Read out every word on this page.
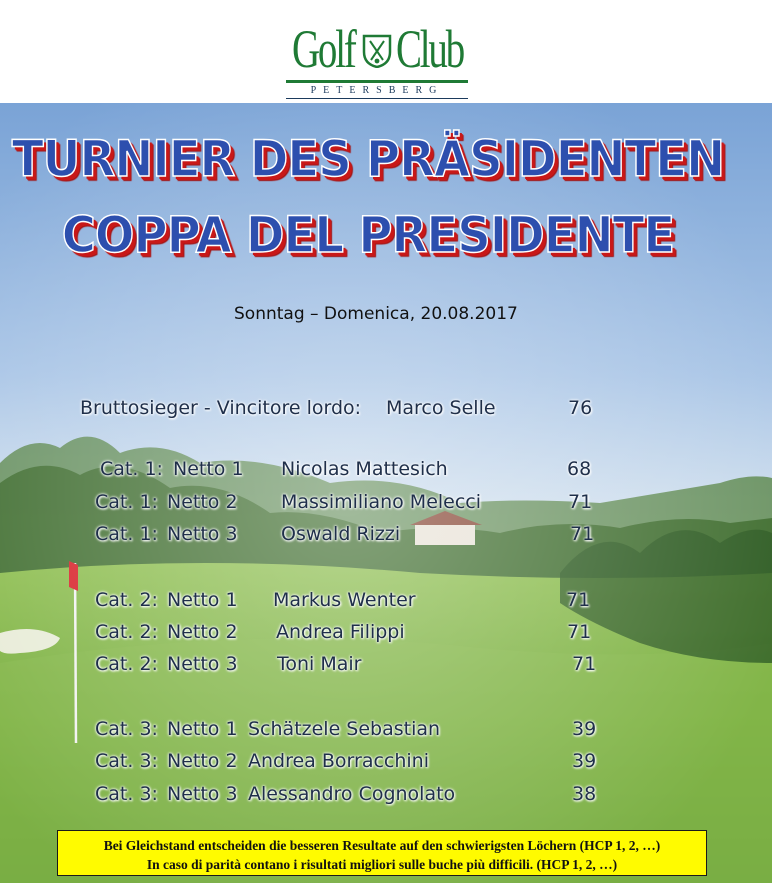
Golf Club
PETERSBERG
TURNIER DES PRÄSIDENTEN
COPPA DEL PRESIDENTE
Sonntag – Domenica, 20.08.2017
Bruttosieger - Vincitore lordo: Marco Selle	76
Cat. 1: Netto 1 Nicolas Mattesich	68
Cat. 1: Netto 2 Massimiliano Melecci	71
Cat. 1: Netto 3 Oswald Rizzi	71
Cat. 2: Netto 1 Markus Wenter	71
Cat. 2: Netto 2 Andrea Filippi	71
Cat. 2: Netto 3 Toni Mair	71
Cat. 3: Netto 1 Schätzele Sebastian	39
Cat. 3: Netto 2 Andrea Borracchini	39
Cat. 3: Netto 3 Alessandro Cognolato	38
Bei Gleichstand entscheiden die besseren Resultate auf den schwierigsten Löchern (HCP 1, 2, …)
In caso di parità contano i risultati migliori sulle buche più difficili. (HCP 1, 2, …)
